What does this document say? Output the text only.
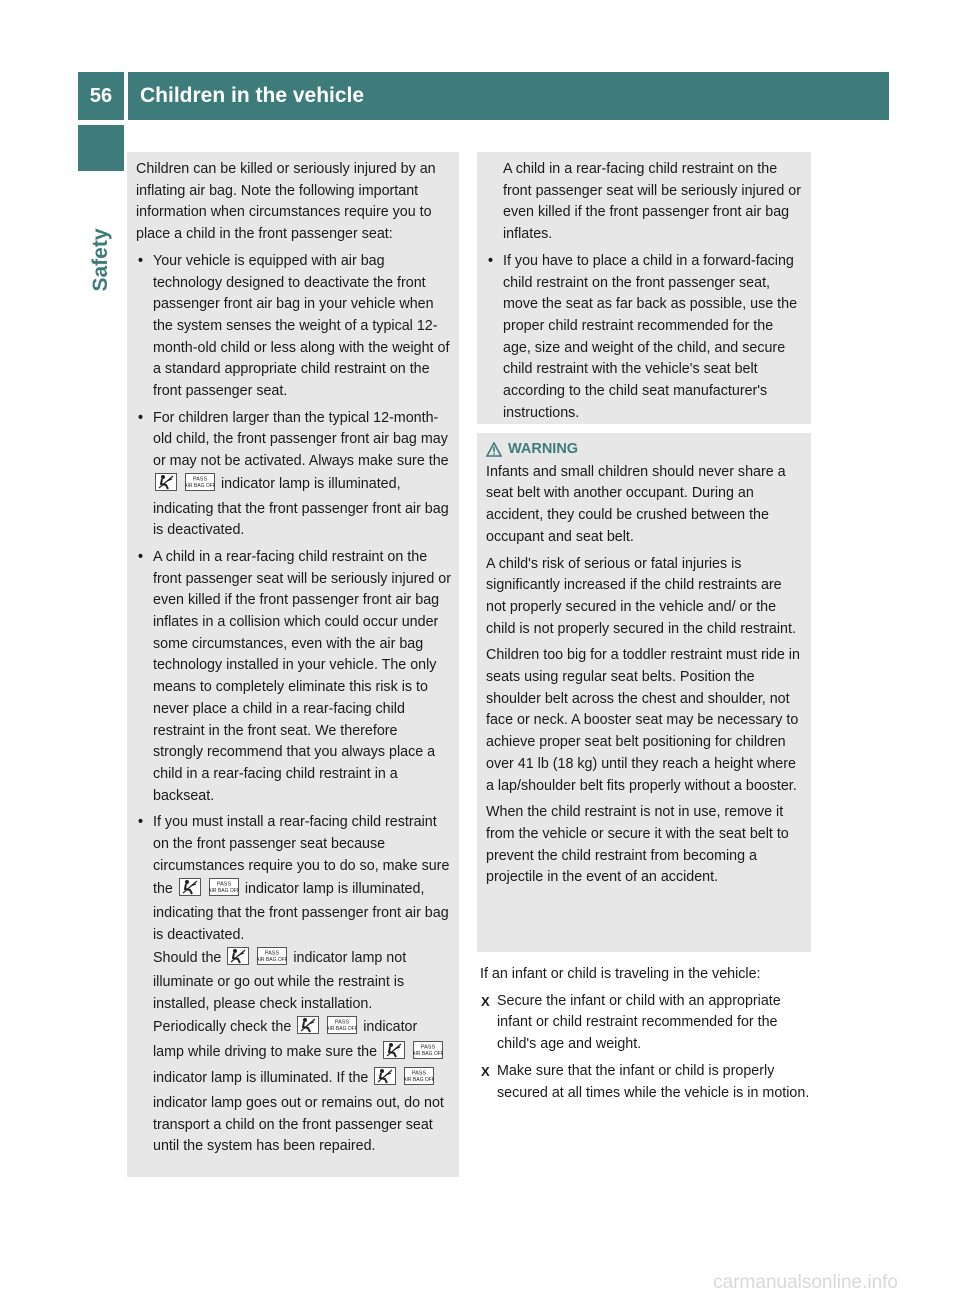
56	Children in the vehicle
Safety

Children can be killed or seriously injured by an inflating air bag. Note the following important information when circumstances require you to place a child in the front passenger seat:

• Your vehicle is equipped with air bag technology designed to deactivate the front passenger front air bag in your vehicle when the system senses the weight of a typical 12-month-old child or less along with the weight of a standard appropriate child restraint on the front passenger seat.
• For children larger than the typical 12-month-old child, the front passenger front air bag may or may not be activated. Always make sure the
PASS
AIR BAG OFF indicator lamp is illuminated, indicating that the front passenger front air bag is deactivated.
• A child in a rear-facing child restraint on the front passenger seat will be seriously injured or even killed if the front passenger front air bag inflates in a collision which could occur under some circumstances, even with the air bag technology installed in your vehicle. The only means to completely eliminate this risk is to never place a child in a rear-facing child restraint in the front seat. We therefore strongly recommend that you always place a child in a rear-facing child restraint in a backseat.
• If you must install a rear-facing child restraint on the front passenger seat because circumstances require you to do so, make sure the	PASS
AIR BAG OFF indicator lamp is illuminated, indicating that the front passenger front air bag is deactivated.
Should the	PASS
AIR BAG OFF indicator lamp not illuminate or go out while the restraint is installed, please check installation.
Periodically check the	PASS
AIR BAG OFF indicator lamp while driving to make sure the	PASS
AIR BAG OFF
indicator lamp is illuminated. If the	PASS
AIR BAG OFF
indicator lamp goes out or remains out, do not transport a child on the front passenger seat until the system has been repaired.

A child in a rear-facing child restraint on the front passenger seat will be seriously injured or even killed if the front passenger front air bag inflates.

• If you have to place a child in a forward-facing child restraint on the front passenger seat, move the seat as far back as possible, use the proper child restraint recommended for the age, size and weight of the child, and secure child restraint with the vehicle's seat belt according to the child seat manufacturer's instructions.
WARNING

Infants and small children should never share a seat belt with another occupant. During an accident, they could be crushed between the occupant and seat belt.

A child's risk of serious or fatal injuries is significantly increased if the child restraints are not properly secured in the vehicle and/ or the child is not properly secured in the child restraint.

Children too big for a toddler restraint must ride in seats using regular seat belts. Position the shoulder belt across the chest and shoulder, not face or neck. A booster seat may be necessary to achieve proper seat belt positioning for children over 41 lb (18 kg) until they reach a height where a lap/shoulder belt fits properly without a booster.

When the child restraint is not in use, remove it from the vehicle or secure it with the seat belt to prevent the child restraint from becoming a projectile in the event of an accident.

If an infant or child is traveling in the vehicle:

X Secure the infant or child with an appropriate infant or child restraint recommended for the child's age and weight.
X Make sure that the infant or child is properly secured at all times while the vehicle is in motion.
carmanualsonline.info
